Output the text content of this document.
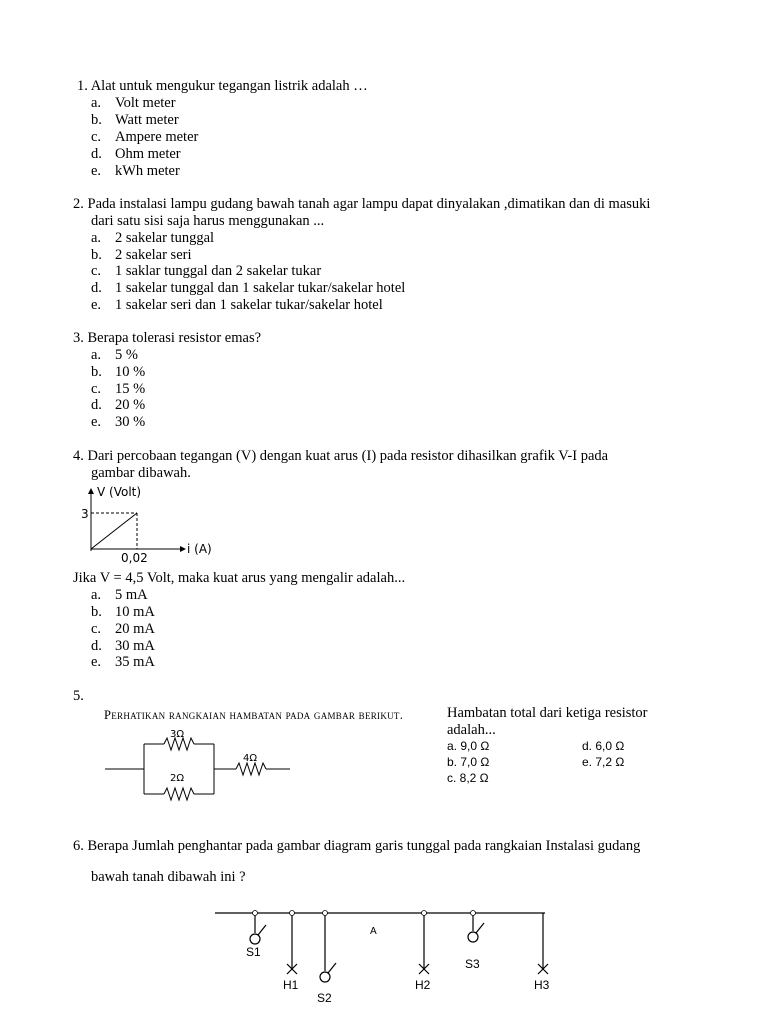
1. Alat untuk mengukur tegangan listrik adalah …
a. Volt meter
b. Watt meter
c. Ampere meter
d. Ohm meter
e. kWh meter
2. Pada instalasi lampu gudang bawah tanah agar lampu dapat dinyalakan ,dimatikan dan di masuki
dari satu sisi saja harus menggunakan ...
a. 2 sakelar tunggal
b. 2 sakelar seri
c. 1 saklar tunggal dan 2 sakelar tukar
d. 1 sakelar tunggal dan 1 sakelar tukar/sakelar hotel
e. 1 sakelar seri dan 1 sakelar tukar/sakelar hotel
3. Berapa tolerasi resistor emas?
a. 5 %
b. 10 %
c. 15 %
d. 20 %
e. 30 %
4. Dari percobaan tegangan (V) dengan kuat arus (I) pada resistor dihasilkan grafik V-I pada
gambar dibawah.
V (Volt)
i (A)
3
0,02
Jika V = 4,5 Volt, maka kuat arus yang mengalir adalah...
a. 5 mA
b. 10 mA
c. 20 mA
d. 30 mA
e. 35 mA
5.
Perhatikan rangkaian hambatan pada gambar berikut.
3Ω
2Ω
4Ω
Hambatan total dari ketiga resistor
adalah...
a. 9,0 Ω
b. 7,0 Ω
c. 8,2 Ω
d. 6,0 Ω
e. 7,2 Ω
6. Berapa Jumlah penghantar pada gambar diagram garis tunggal pada rangkaian Instalasi gudang
bawah tanah dibawah ini ?
A
S1
H1
S2
H2
S3
H3
